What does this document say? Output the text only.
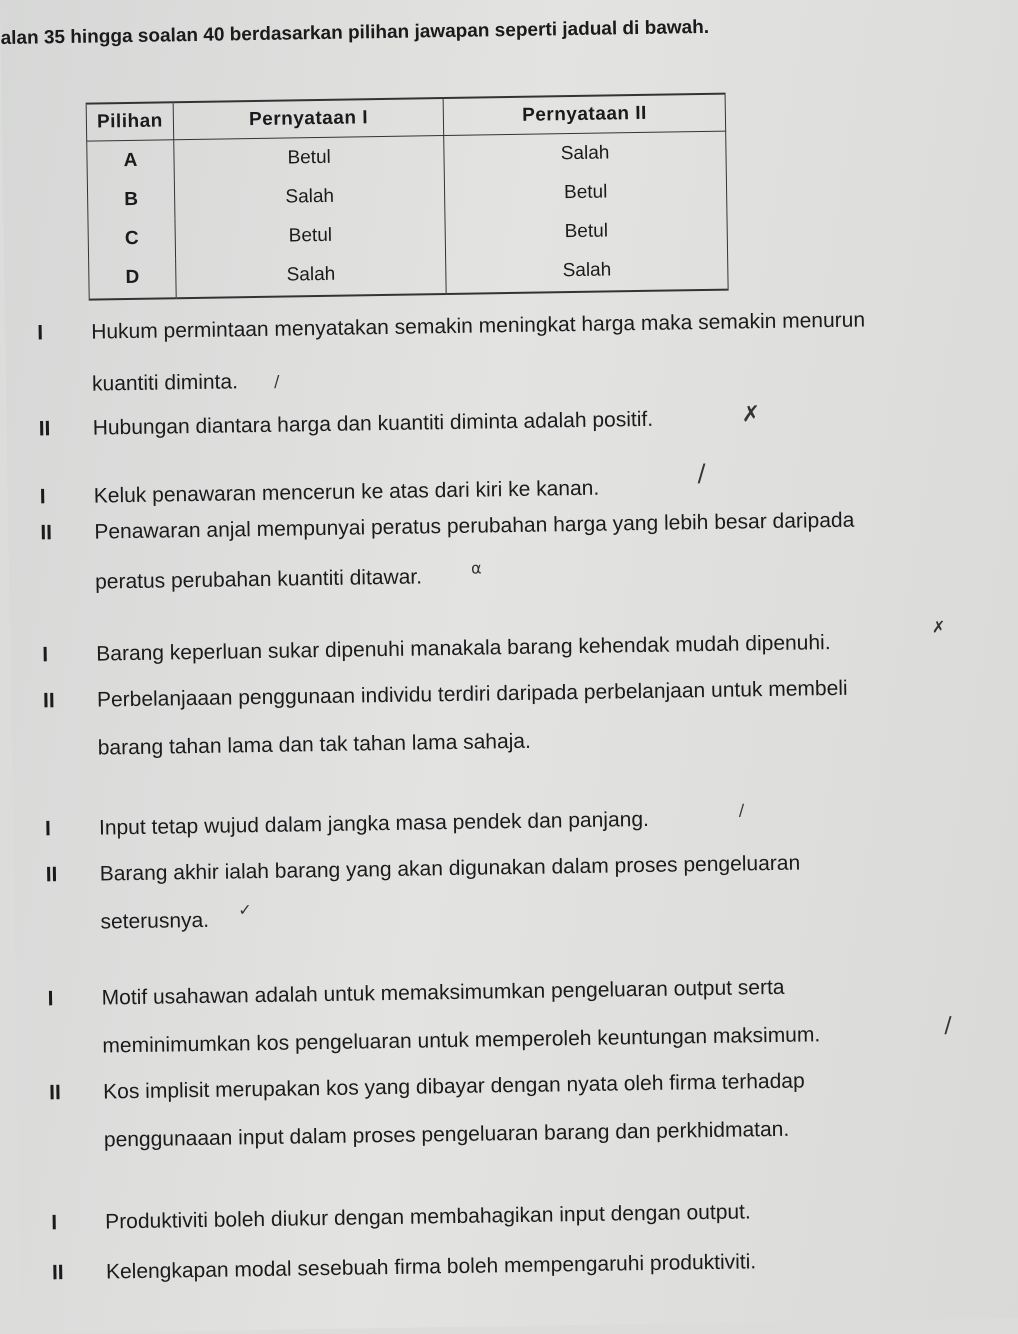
alan 35 hingga soalan 40 berdasarkan pilihan jawapan seperti jadual di bawah.
Pilihan	Pernyataan I	Pernyataan II
A	Betul	Salah
B	Salah	Betul
C	Betul	Betul
D	Salah	Salah
I Hukum permintaan menyatakan semakin meningkat harga maka semakin menurun
kuantiti diminta. /
II Hubungan diantara harga dan kuantiti diminta adalah positif.	✗
I Keluk penawaran mencerun ke atas dari kiri ke kanan.
/
II Penawaran anjal mempunyai peratus perubahan harga yang lebih besar daripada
peratus perubahan kuantiti ditawar.	α
I Barang keperluan sukar dipenuhi manakala barang kehendak mudah dipenuhi.
✗
II Perbelanjaaan penggunaan individu terdiri daripada perbelanjaan untuk membeli
barang tahan lama dan tak tahan lama sahaja.
I Input tetap wujud dalam jangka masa pendek dan panjang.	/
II Barang akhir ialah barang yang akan digunakan dalam proses pengeluaran
seterusnya. ✓
I Motif usahawan adalah untuk memaksimumkan pengeluaran output serta
meminimumkan kos pengeluaran untuk memperoleh keuntungan maksimum.	/
II Kos implisit merupakan kos yang dibayar dengan nyata oleh firma terhadap
penggunaaan input dalam proses pengeluaran barang dan perkhidmatan.
I Produktiviti boleh diukur dengan membahagikan input dengan output.
II Kelengkapan modal sesebuah firma boleh mempengaruhi produktiviti.
